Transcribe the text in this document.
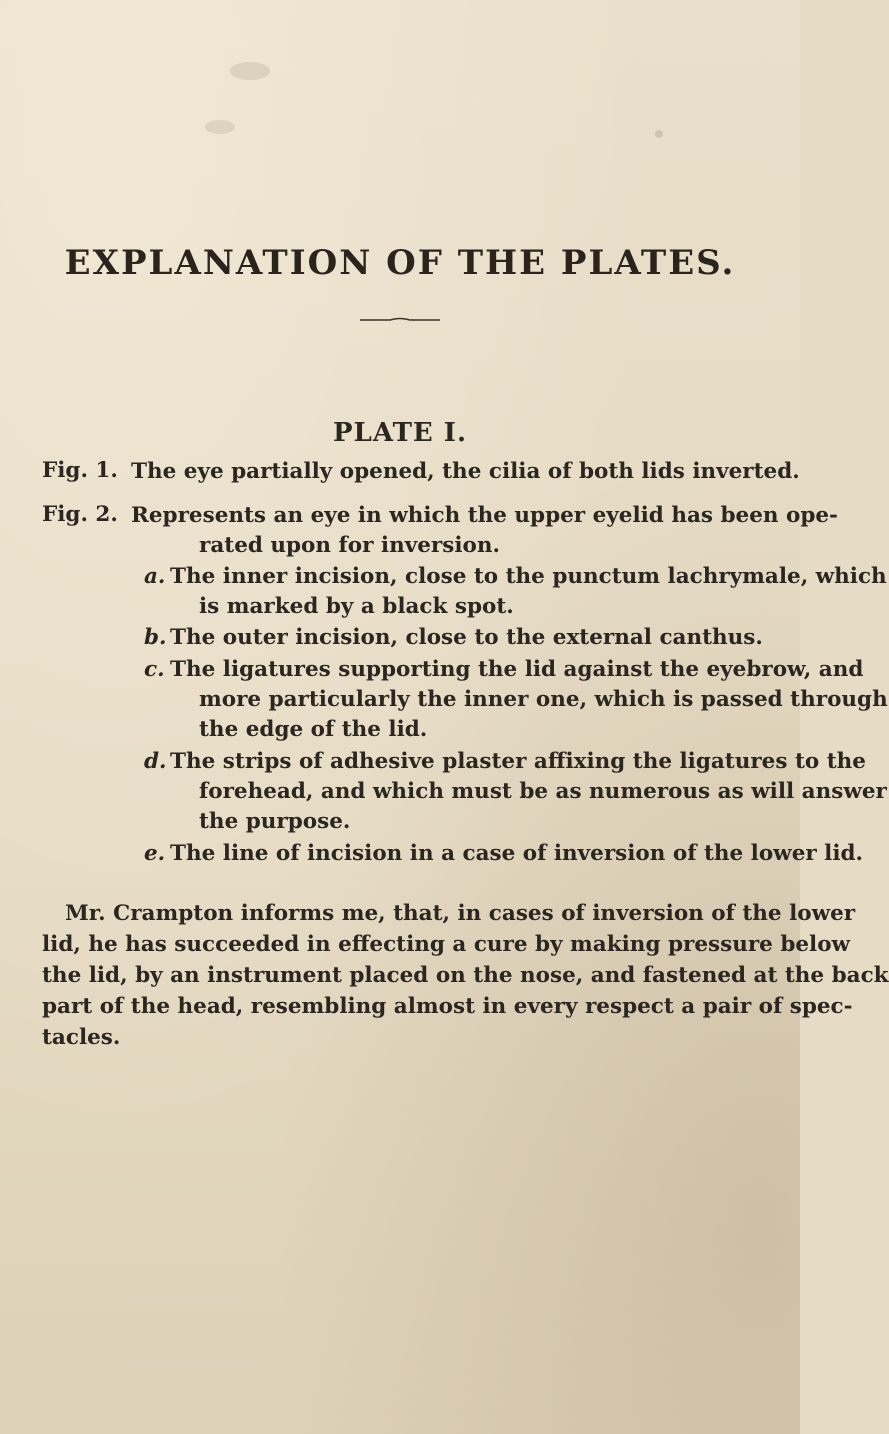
EXPLANATION OF THE PLATES.
PLATE I.
Fig. 1. The eye partially opened, the cilia of both lids inverted.
Fig. 2. Represents an eye in which the upper eyelid has been ope-
rated upon for inversion.
a. The inner incision, close to the punctum lachrymale, which
is marked by a black spot.
b. The outer incision, close to the external canthus.
c. The ligatures supporting the lid against the eyebrow, and
more particularly the inner one, which is passed through
the edge of the lid.
d. The strips of adhesive plaster affixing the ligatures to the
forehead, and which must be as numerous as will answer
the purpose.
e. The line of incision in a case of inversion of the lower lid.
Mr. Crampton informs me, that, in cases of inversion of the lower
lid, he has succeeded in effecting a cure by making pressure below
the lid, by an instrument placed on the nose, and fastened at the back
part of the head, resembling almost in every respect a pair of spec-
tacles.
